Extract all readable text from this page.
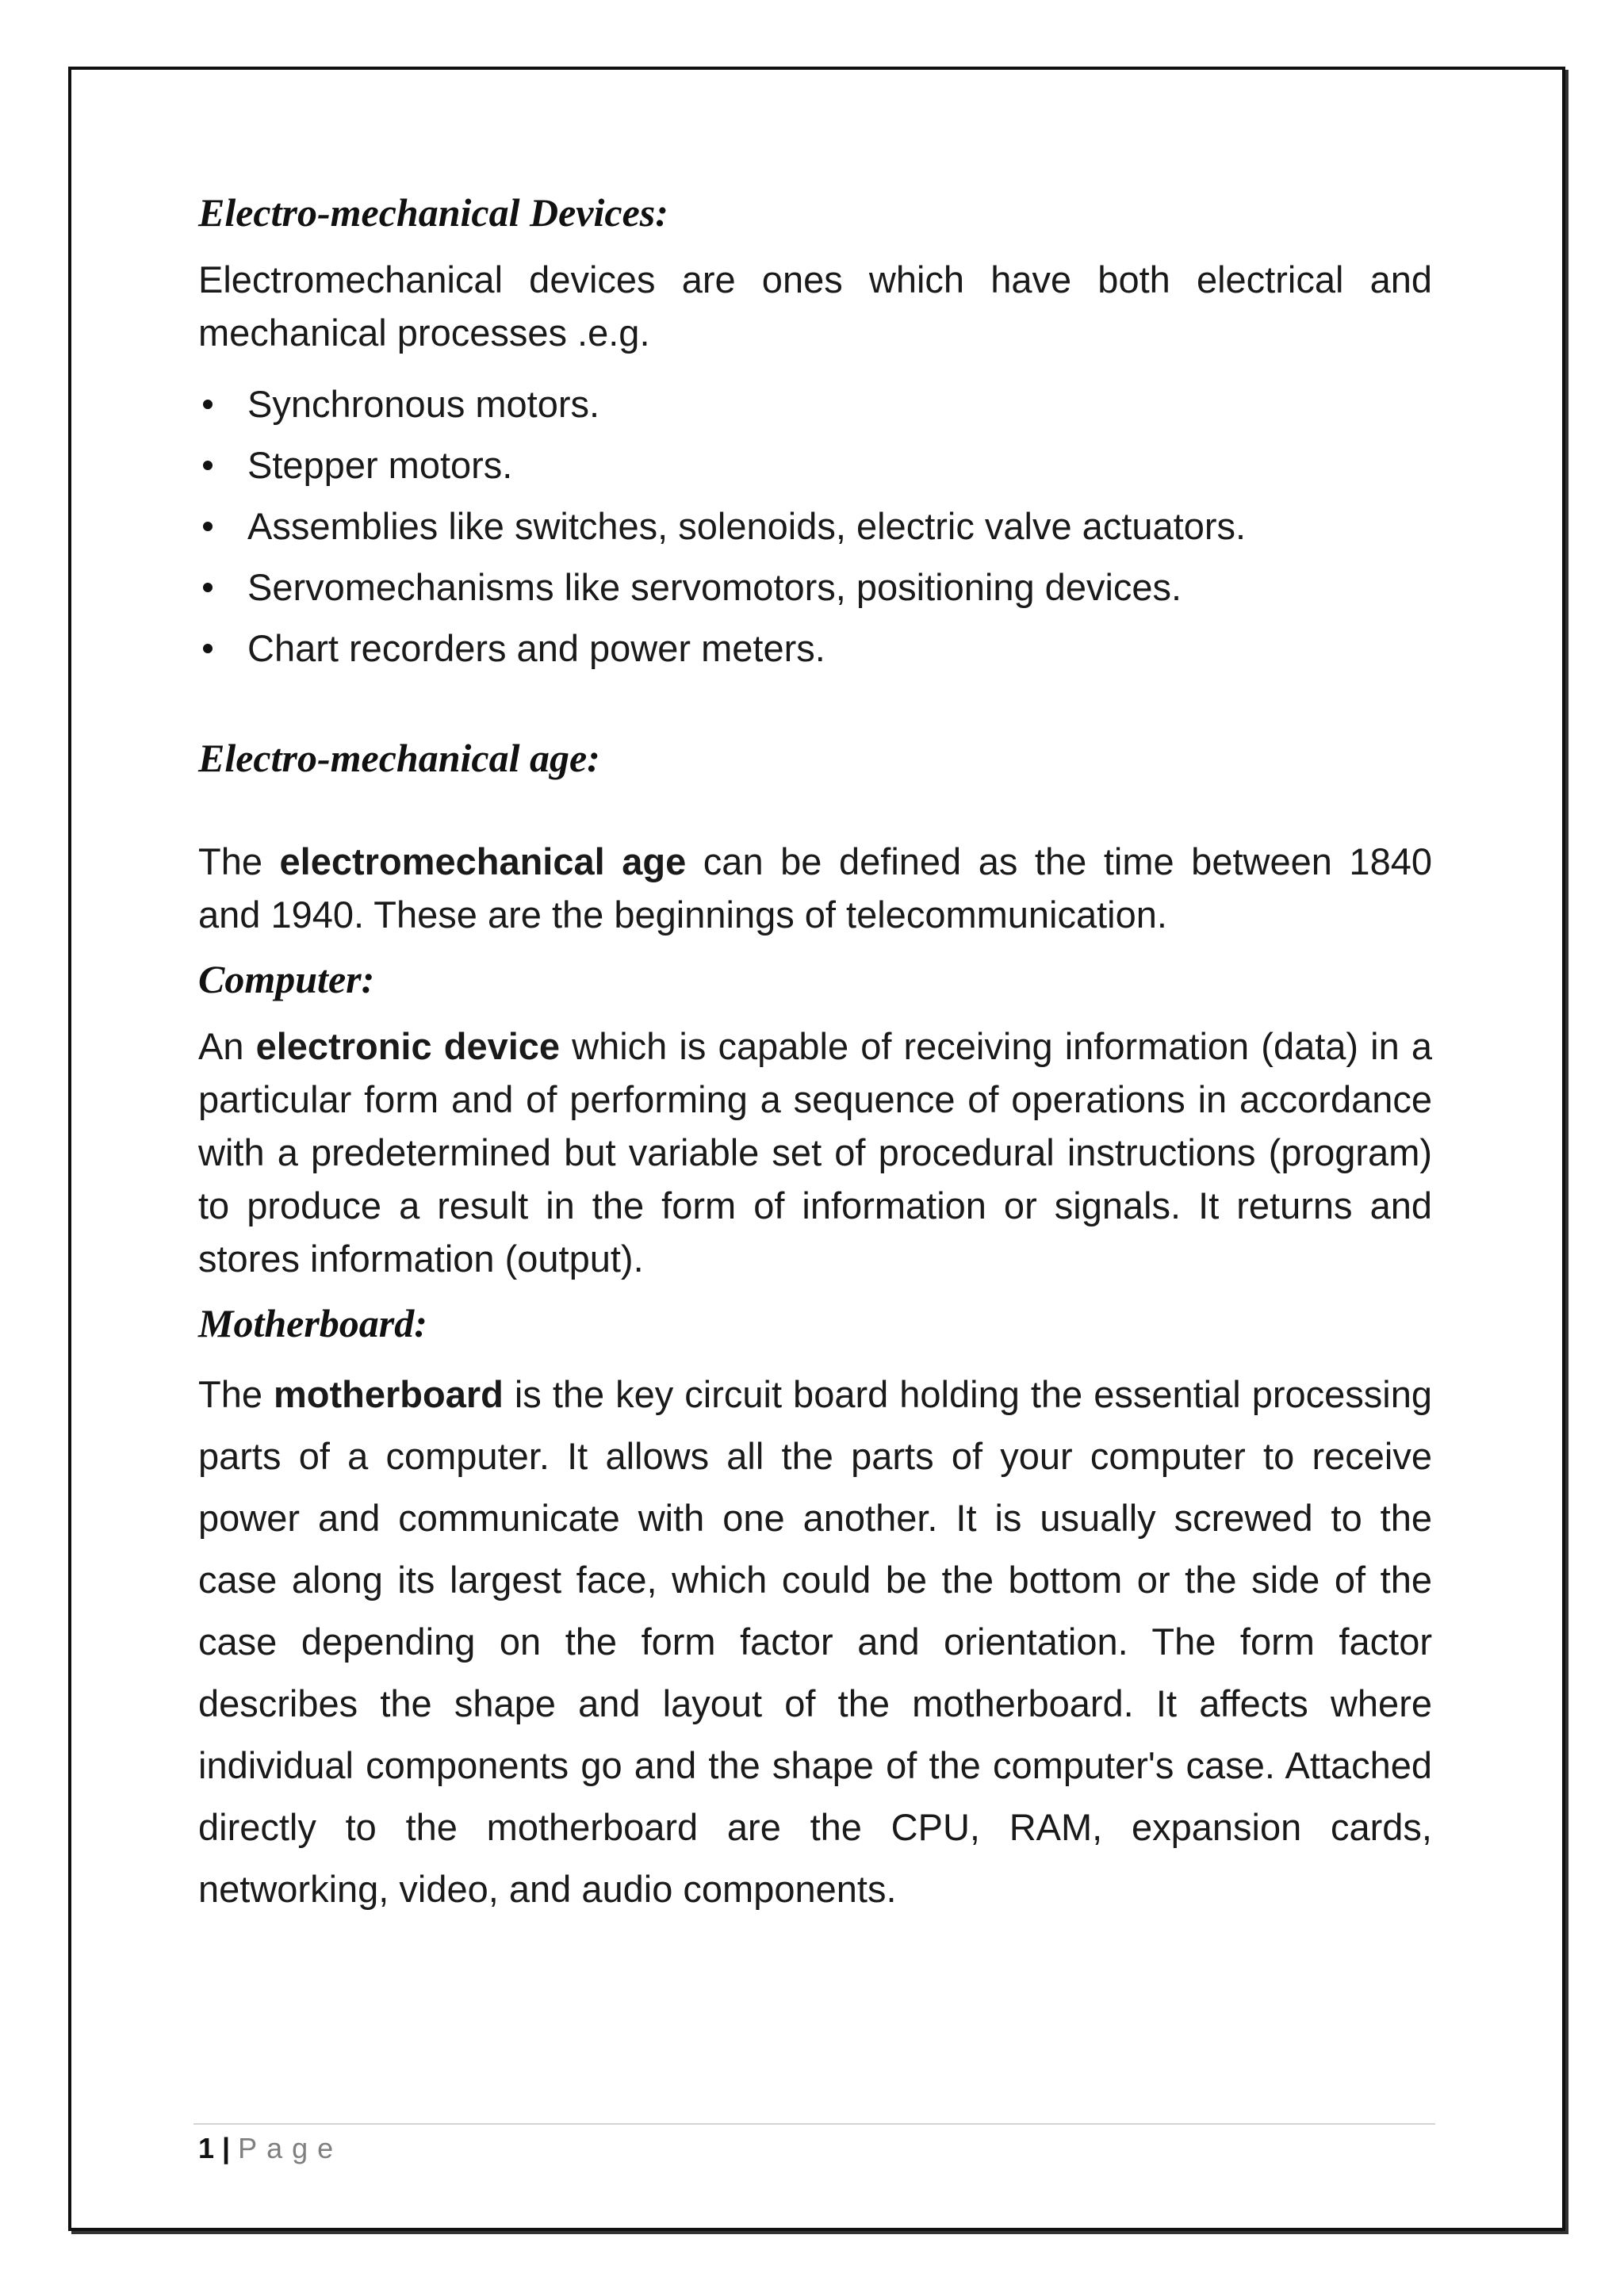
Electro-mechanical Devices:

Electromechanical devices are ones which have both electrical and mechanical processes .e.g.

Synchronous motors.
Stepper motors.
Assemblies like switches, solenoids, electric valve actuators.
Servomechanisms like servomotors, positioning devices.
Chart recorders and power meters.
Electro-mechanical age:

The electromechanical age can be defined as the time between 1840 and 1940. These are the beginnings of telecommunication.

Computer:

An electronic device which is capable of receiving information (data) in a particular form and of performing a sequence of operations in accordance with a predetermined but variable set of procedural instructions (program) to produce a result in the form of information or signals. It returns and stores information (output).

Motherboard:

The motherboard is the key circuit board holding the essential processing parts of a computer. It allows all the parts of your computer to receive power and communicate with one another. It is usually screwed to the case along its largest face, which could be the bottom or the side of the case depending on the form factor and orientation. The form factor describes the shape and layout of the motherboard. It affects where individual components go and the shape of the computer's case. Attached directly to the motherboard are the CPU, RAM, expansion cards, networking, video, and audio components.

1 | Page
